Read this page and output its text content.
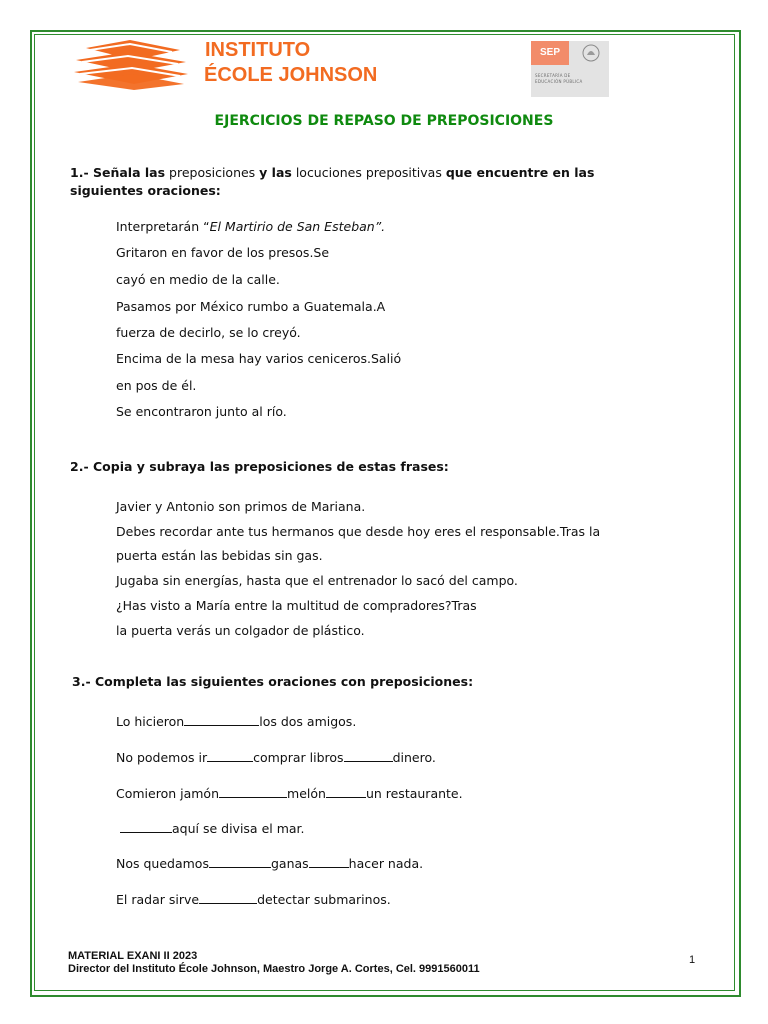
INSTITUTO
ÉCOLE JOHNSON
SEP
SECRETARÍA DE
EDUCACIÓN PÚBLICA
EJERCICIOS DE REPASO DE PREPOSICIONES
1.- Señala las preposiciones y las locuciones prepositivas que encuentre en las siguientes oraciones:
Interpretarán “El Martirio de San Esteban”.
Gritaron en favor de los presos.Se
cayó en medio de la calle.
Pasamos por México rumbo a Guatemala.A
fuerza de decirlo, se lo creyó.
Encima de la mesa hay varios ceniceros.Salió
en pos de él.
Se encontraron junto al río.
2.- Copia y subraya las preposiciones de estas frases:
Javier y Antonio son primos de Mariana.
Debes recordar ante tus hermanos que desde hoy eres el responsable.Tras la
puerta están las bebidas sin gas.
Jugaba sin energías, hasta que el entrenador lo sacó del campo.
¿Has visto a María entre la multitud de compradores?Tras
la puerta verás un colgador de plástico.
3.- Completa las siguientes oraciones con preposiciones:
Lo hicieron	los dos amigos.
No podemos ir	comprar libros	dinero.
Comieron jamón	melón	un restaurante.
aquí se divisa el mar.
Nos quedamos	ganas	hacer nada.
El radar sirve	detectar submarinos.
MATERIAL EXANI II 2023
Director del Instituto École Johnson, Maestro Jorge A. Cortes, Cel. 9991560011
1
